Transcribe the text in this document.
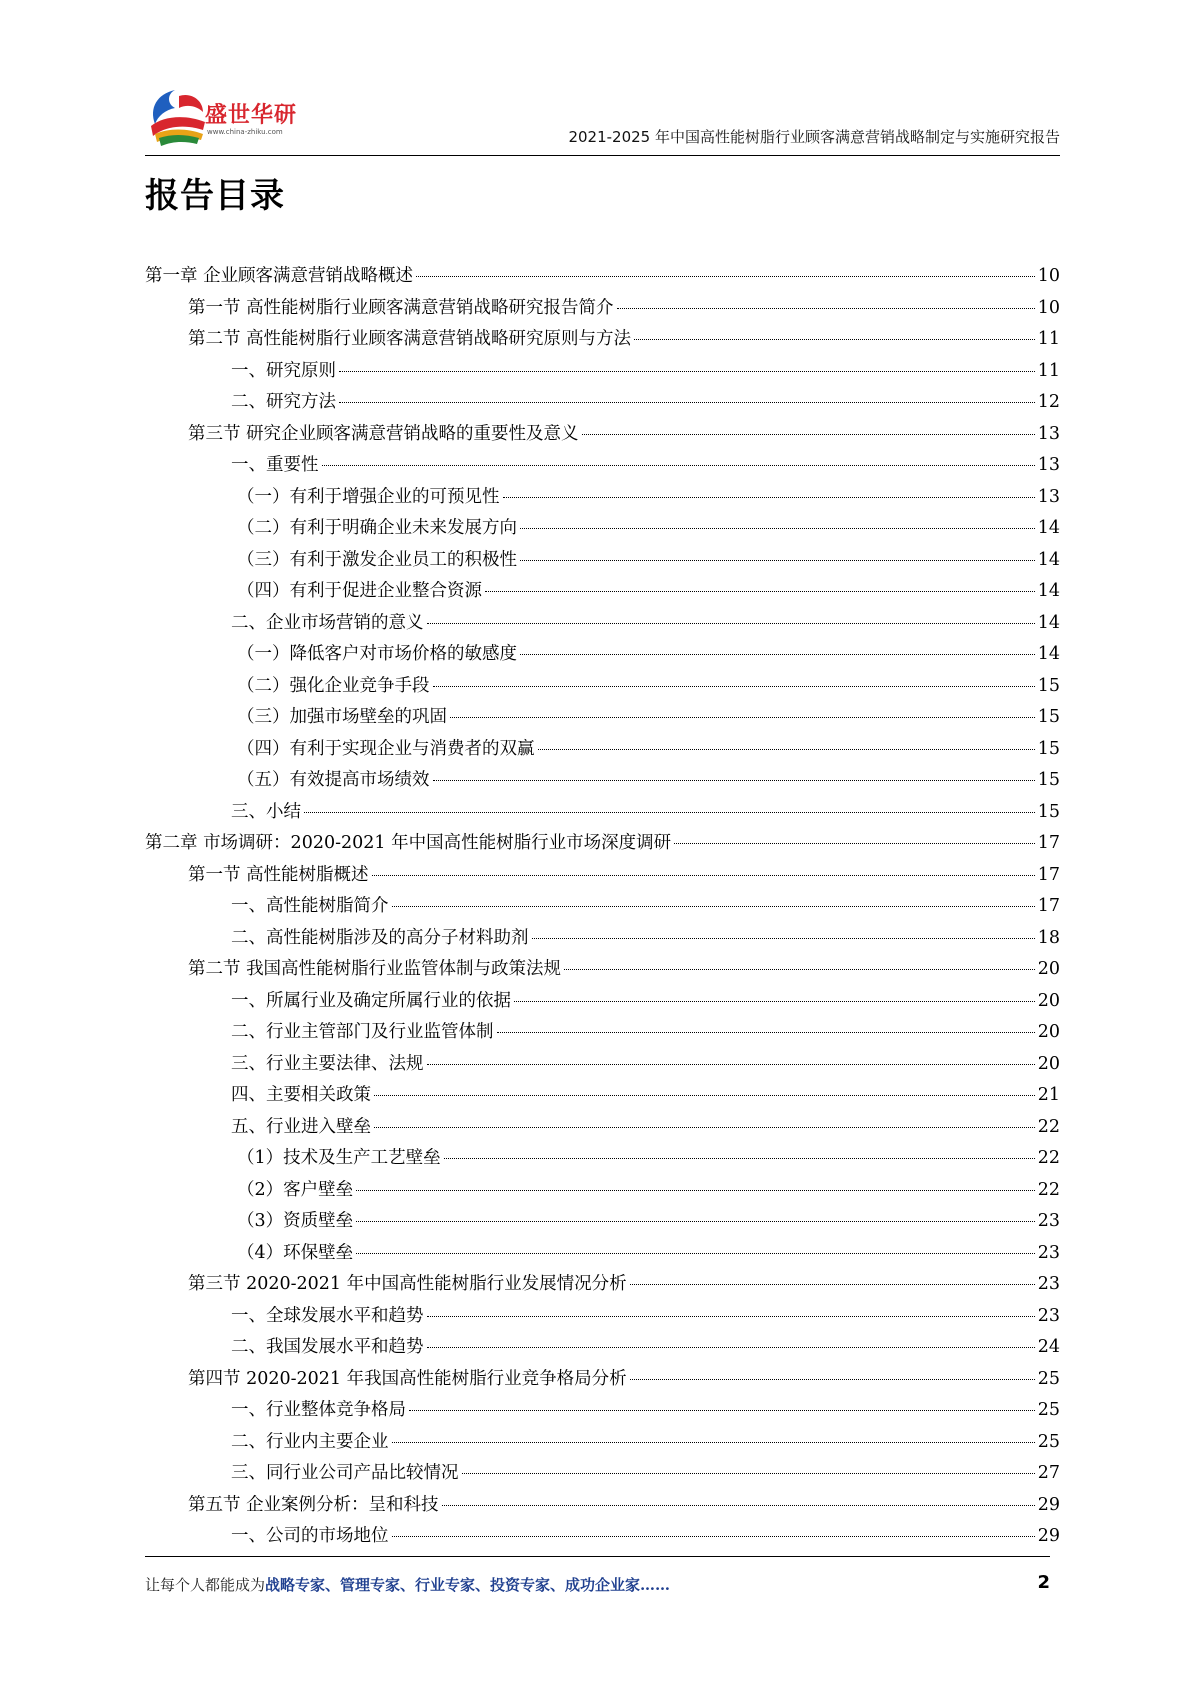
盛世华研
www.china-zhiku.com	2021-2025 年中国高性能树脂行业顾客满意营销战略制定与实施研究报告
报告目录
第一章 企业顾客满意营销战略概述	10
第一节 高性能树脂行业顾客满意营销战略研究报告简介	10
第二节 高性能树脂行业顾客满意营销战略研究原则与方法	11
一、研究原则	11
二、研究方法	12
第三节 研究企业顾客满意营销战略的重要性及意义	13
一、重要性	13
（一）有利于增强企业的可预见性	13
（二）有利于明确企业未来发展方向	14
（三）有利于激发企业员工的积极性	14
（四）有利于促进企业整合资源	14
二、企业市场营销的意义	14
（一）降低客户对市场价格的敏感度	14
（二）强化企业竞争手段	15
（三）加强市场壁垒的巩固	15
（四）有利于实现企业与消费者的双赢	15
（五）有效提高市场绩效	15
三、小结	15
第二章 市场调研：2020-2021 年中国高性能树脂行业市场深度调研	17
第一节 高性能树脂概述	17
一、高性能树脂简介	17
二、高性能树脂涉及的高分子材料助剂	18
第二节 我国高性能树脂行业监管体制与政策法规	20
一、所属行业及确定所属行业的依据	20
二、行业主管部门及行业监管体制	20
三、行业主要法律、法规	20
四、主要相关政策	21
五、行业进入壁垒	22
（1）技术及生产工艺壁垒	22
（2）客户壁垒	22
（3）资质壁垒	23
（4）环保壁垒	23
第三节 2020-2021 年中国高性能树脂行业发展情况分析	23
一、全球发展水平和趋势	23
二、我国发展水平和趋势	24
第四节 2020-2021 年我国高性能树脂行业竞争格局分析	25
一、行业整体竞争格局	25
二、行业内主要企业	25
三、同行业公司产品比较情况	27
第五节 企业案例分析：呈和科技	29
一、公司的市场地位	29
让每个人都能成为战略专家、管理专家、行业专家、投资专家、成功企业家……	2
